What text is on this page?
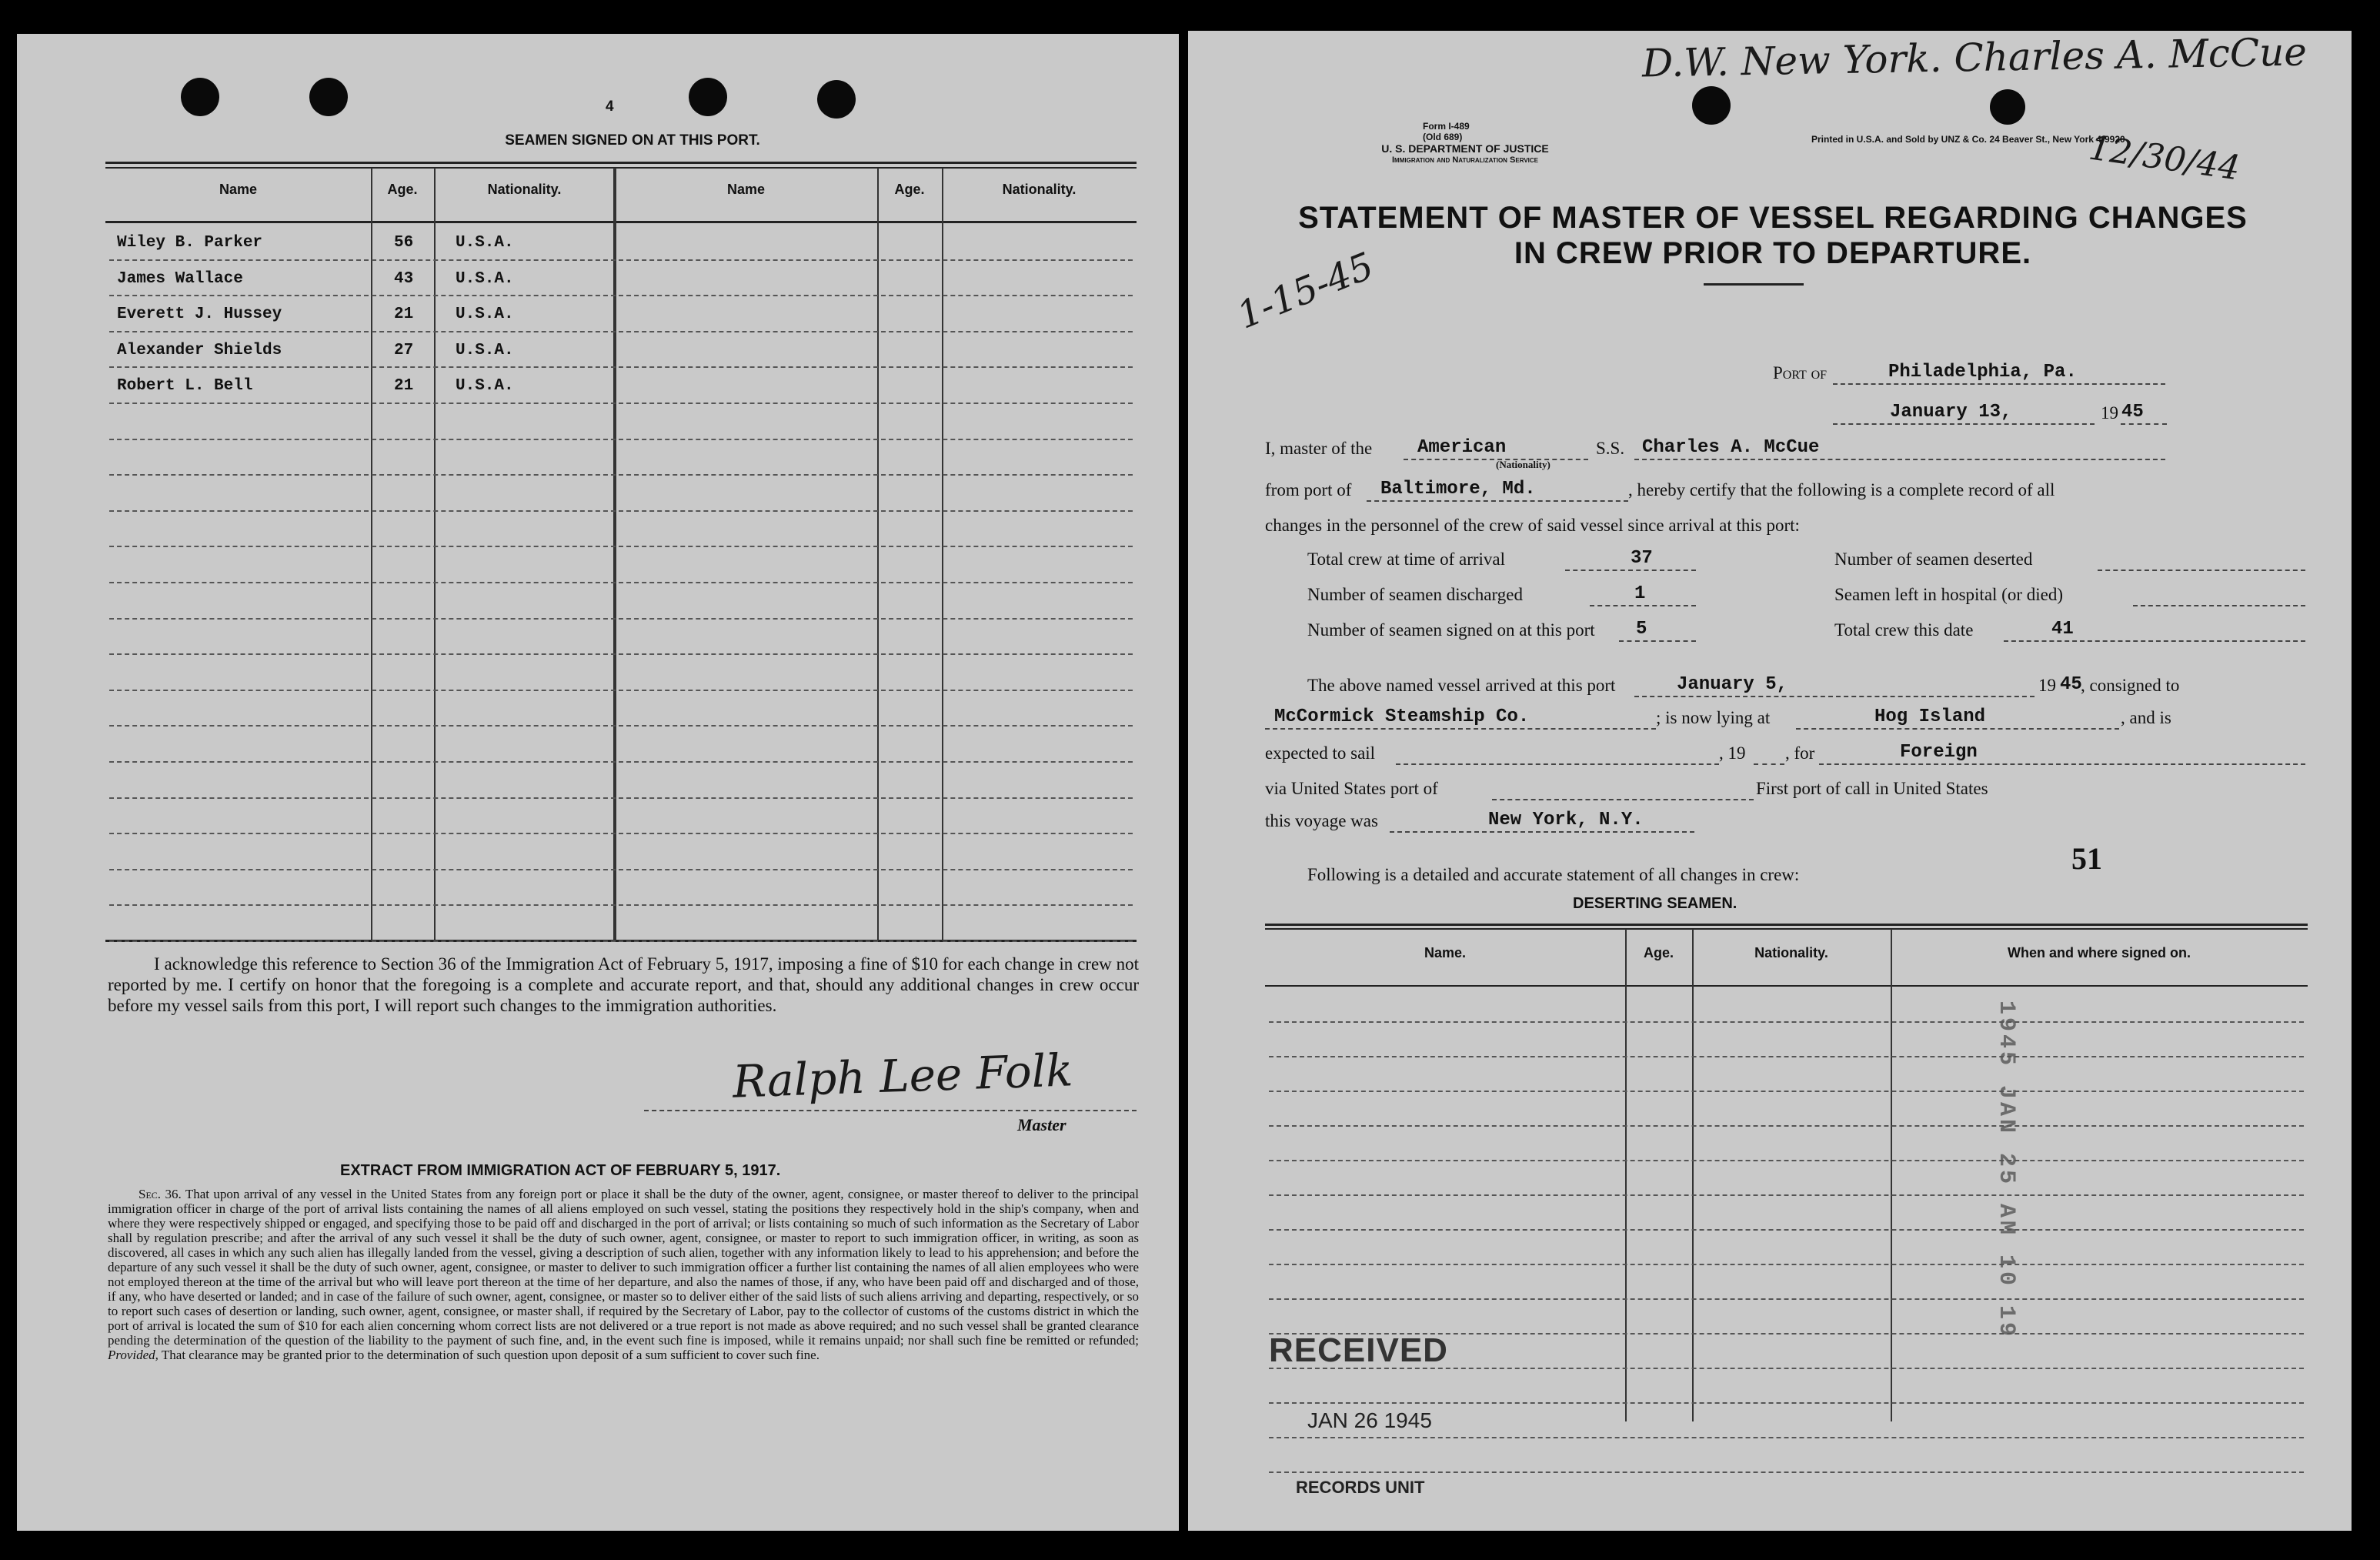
4
SEAMEN SIGNED ON AT THIS PORT.
Name	Age.	Nationality.	Name	Age.	Nationality.
Wiley B. Parker	56	U.S.A.
James Wallace	43	U.S.A.
Everett J. Hussey	21	U.S.A.
Alexander Shields	27	U.S.A.
Robert L. Bell	21	U.S.A.
I acknowledge this reference to Section 36 of the Immigration Act of February 5, 1917, imposing a fine of $10 for each change in crew not reported by me. I certify on honor that the foregoing is a complete and accurate report, and that, should any additional changes in crew occur before my vessel sails from this port, I will report such changes to the immigration authorities.
Ralph Lee Folk
Master
EXTRACT FROM IMMIGRATION ACT OF FEBRUARY 5, 1917.
Sec. 36. That upon arrival of any vessel in the United States from any foreign port or place it shall be the duty of the owner, agent, consignee, or master thereof to deliver to the principal immigration officer in charge of the port of arrival lists containing the names of all aliens employed on such vessel, stating the positions they respectively hold in the ship's company, when and where they were respectively shipped or engaged, and specifying those to be paid off and discharged in the port of arrival; or lists containing so much of such information as the Secretary of Labor shall by regulation prescribe; and after the arrival of any such vessel it shall be the duty of such owner, agent, consignee, or master to report to such immigration officer, in writing, as soon as discovered, all cases in which any such alien has illegally landed from the vessel, giving a description of such alien, together with any information likely to lead to his apprehension; and before the departure of any such vessel it shall be the duty of such owner, agent, consignee, or master to deliver to such immigration officer a further list containing the names of all alien employees who were not employed thereon at the time of the arrival but who will leave port thereon at the time of her departure, and also the names of those, if any, who have been paid off and discharged and of those, if any, who have deserted or landed; and in case of the failure of such owner, agent, consignee, or master so to deliver either of the said lists of such aliens arriving and departing, respectively, or so to report such cases of desertion or landing, such owner, agent, consignee, or master shall, if required by the Secretary of Labor, pay to the collector of customs of the customs district in which the port of arrival is located the sum of $10 for each alien concerning whom correct lists are not delivered or a true report is not made as above required; and no such vessel shall be granted clearance pending the determination of the question of the liability to the payment of such fine, and, in the event such fine is imposed, while it remains unpaid; nor shall such fine be remitted or refunded; Provided, That clearance may be granted prior to the determination of such question upon deposit of a sum sufficient to cover such fine.
D.W. New York. Charles A. McCue
12/30/44
1-15-45
Form I-489
(Old 689)
U. S. DEPARTMENT OF JUSTICE
Immigration and Naturalization Service
Printed in U.S.A. and Sold by UNZ & Co. 24 Beaver St., New York 4-9920
STATEMENT OF MASTER OF VESSEL REGARDING CHANGES
IN CREW PRIOR TO DEPARTURE.
Port of	Philadelphia, Pa.
January 13,	19 45
I, master of the American
(Nationality)
S.S. Charles A. McCue
from port of Baltimore, Md.	, hereby certify that the following is a complete record of all
changes in the personnel of the crew of said vessel since arrival at this port:
Total crew at time of arrival	37	Number of seamen deserted
Number of seamen discharged	1	Seamen left in hospital (or died)
Number of seamen signed on at this port 5	Total crew this date	41
The above named vessel arrived at this port	January 5,	19 45
, consigned to
McCormick Steamship Co.	; is now lying at	Hog Island	, and is
expected to sail	, 19 , for	Foreign
via United States port of	First port of call in United States
this voyage was	New York, N.Y.
Following is a detailed and accurate statement of all changes in crew:	51
DESERTING SEAMEN.
Name.	Age.	Nationality.	When and where signed on.
1945 JAN 25 AM 10 19
RECEIVED
JAN 26 1945
RECORDS UNIT
